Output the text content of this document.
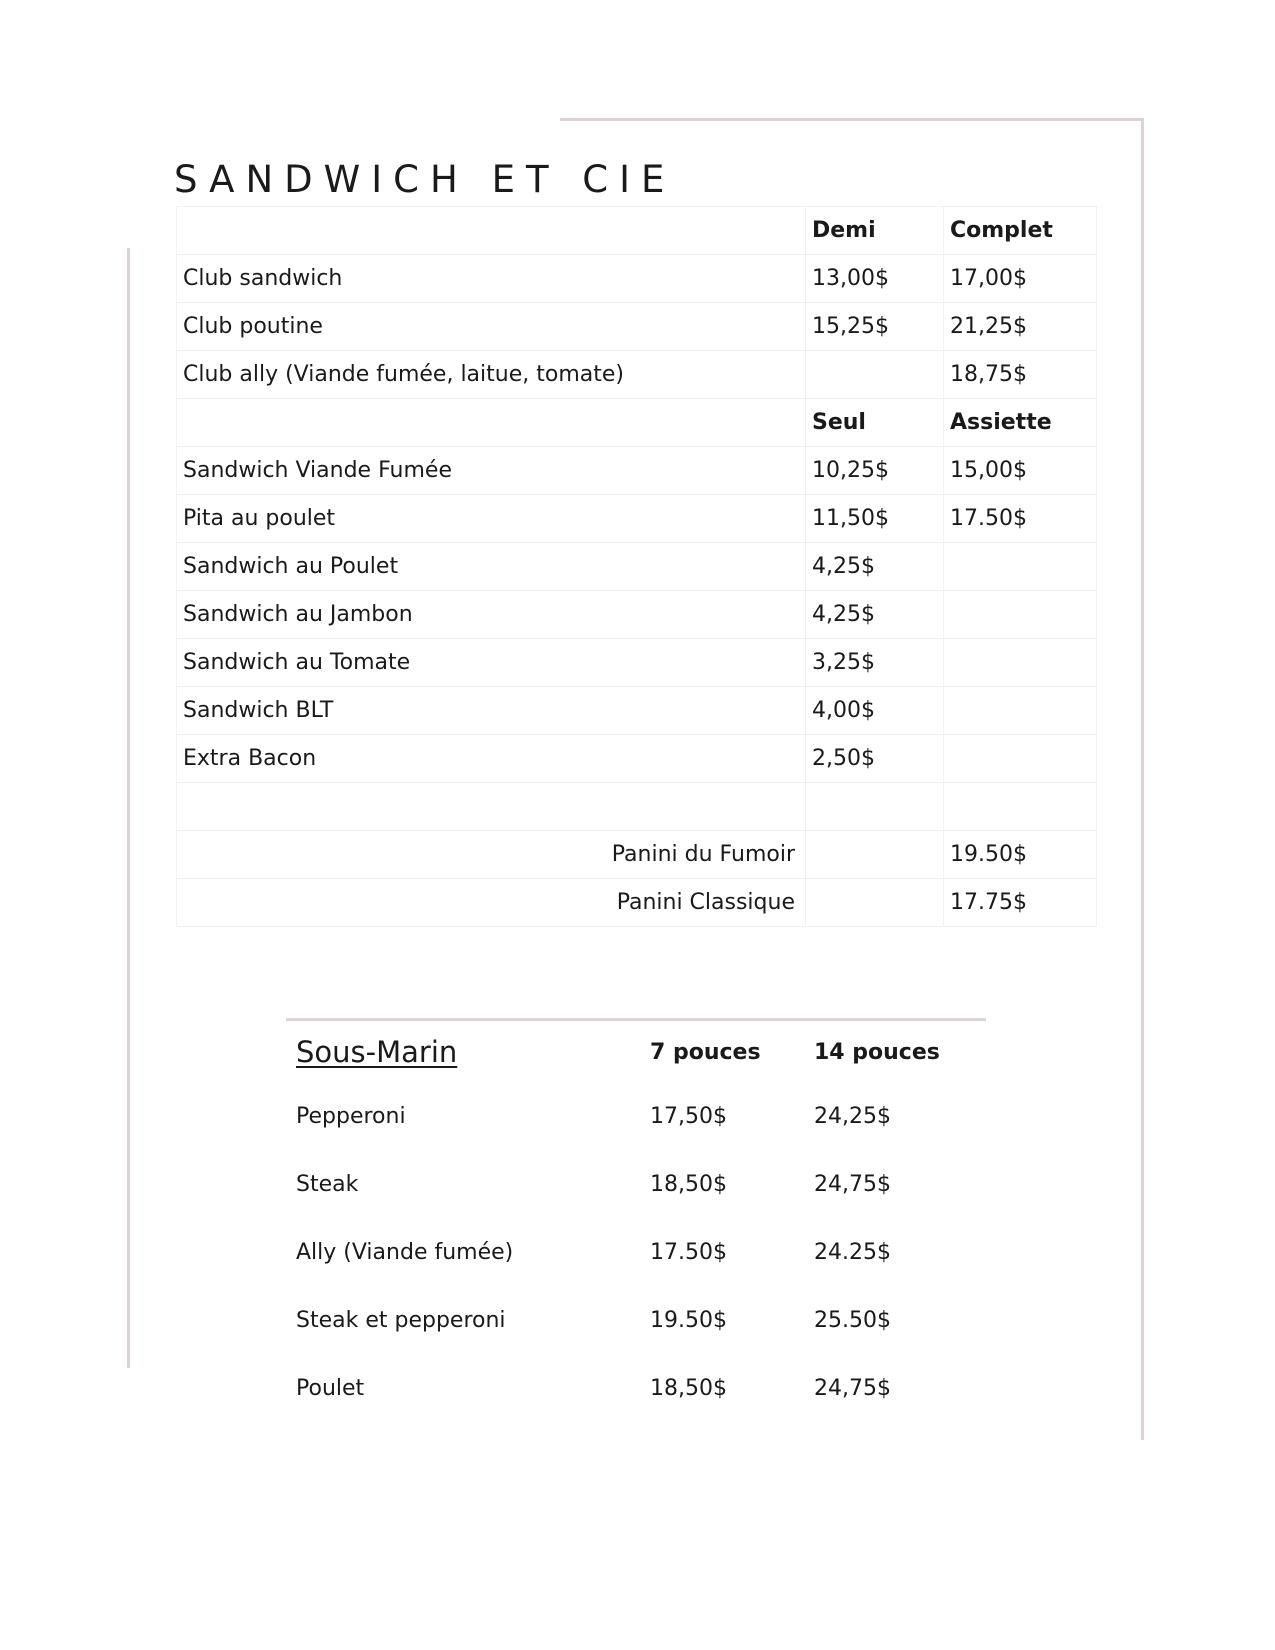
SANDWICH ET CIE
	Demi	Complet
Club sandwich	13,00$	17,00$
Club poutine	15,25$	21,25$
Club ally (Viande fumée, laitue, tomate)		18,75$
	Seul	Assiette
Sandwich Viande Fumée	10,25$	15,00$
Pita au poulet	11,50$	17.50$
Sandwich au Poulet	4,25$	
Sandwich au Jambon	4,25$	
Sandwich au Tomate	3,25$	
Sandwich BLT	4,00$	
Extra Bacon	2,50$	

Panini du Fumoir		19.50$
Panini Classique		17.75$
Sous-Marin	7 pouces	14 pouces
Pepperoni	17,50$	24,25$
Steak	18,50$	24,75$
Ally (Viande fumée)	17.50$	24.25$
Steak et pepperoni	19.50$	25.50$
Poulet	18,50$	24,75$
